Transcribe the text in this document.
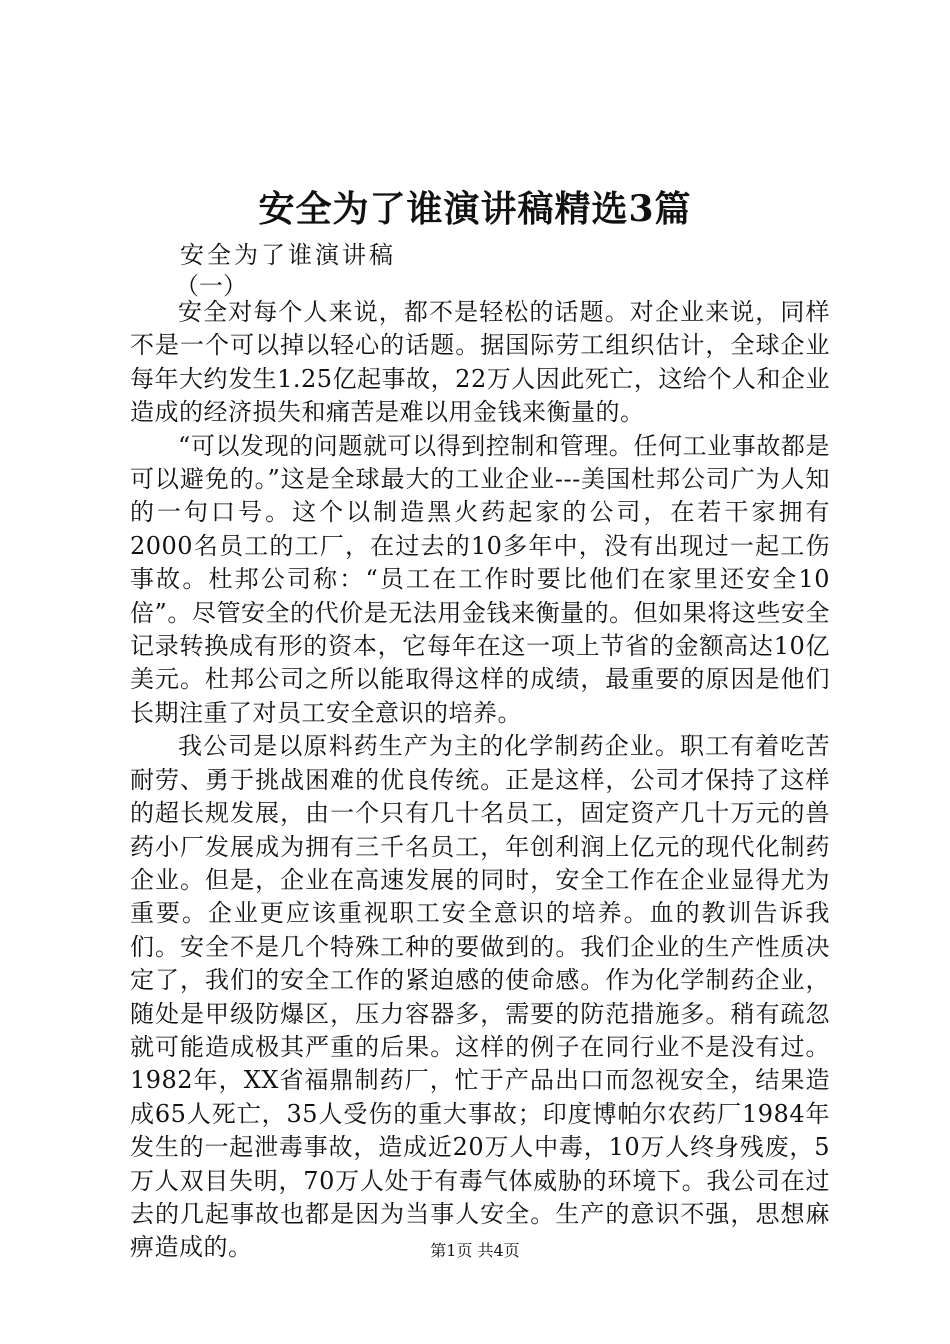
安全为了谁演讲稿精选3篇
安全为了谁演讲稿
（一）

安全对每个人来说，都不是轻松的话题。对企业来说，同样不是一个可以掉以轻心的话题。据国际劳工组织估计，全球企业每年大约发生1.25亿起事故，22万人因此死亡，这给个人和企业造成的经济损失和痛苦是难以用金钱来衡量的。

“可以发现的问题就可以得到控制和管理。任何工业事故都是可以避免的。”这是全球最大的工业企业---美国杜邦公司广为人知的一句口号。这个以制造黑火药起家的公司，在若干家拥有2000名员工的工厂，在过去的10多年中，没有出现过一起工伤事故。杜邦公司称：“员工在工作时要比他们在家里还安全10倍”。尽管安全的代价是无法用金钱来衡量的。但如果将这些安全记录转换成有形的资本，它每年在这一项上节省的金额高达10亿美元。杜邦公司之所以能取得这样的成绩，最重要的原因是他们长期注重了对员工安全意识的培养。

我公司是以原料药生产为主的化学制药企业。职工有着吃苦耐劳、勇于挑战困难的优良传统。正是这样，公司才保持了这样的超长规发展，由一个只有几十名员工，固定资产几十万元的兽药小厂发展成为拥有三千名员工，年创利润上亿元的现代化制药企业。但是，企业在高速发展的同时，安全工作在企业显得尤为重要。企业更应该重视职工安全意识的培养。血的教训告诉我们。安全不是几个特殊工种的要做到的。我们企业的生产性质决定了，我们的安全工作的紧迫感的使命感。作为化学制药企业，随处是甲级防爆区，压力容器多，需要的防范措施多。稍有疏忽就可能造成极其严重的后果。这样的例子在同行业不是没有过。1982年，XX省福鼎制药厂，忙于产品出口而忽视安全，结果造成65人死亡，35人受伤的重大事故；印度博帕尔农药厂1984年发生的一起泄毒事故，造成近20万人中毒，10万人终身残废，5万人双目失明，70万人处于有毒气体威胁的环境下。我公司在过去的几起事故也都是因为当事人安全。生产的意识不强，思想麻痹造成的。	第1页 共4页
